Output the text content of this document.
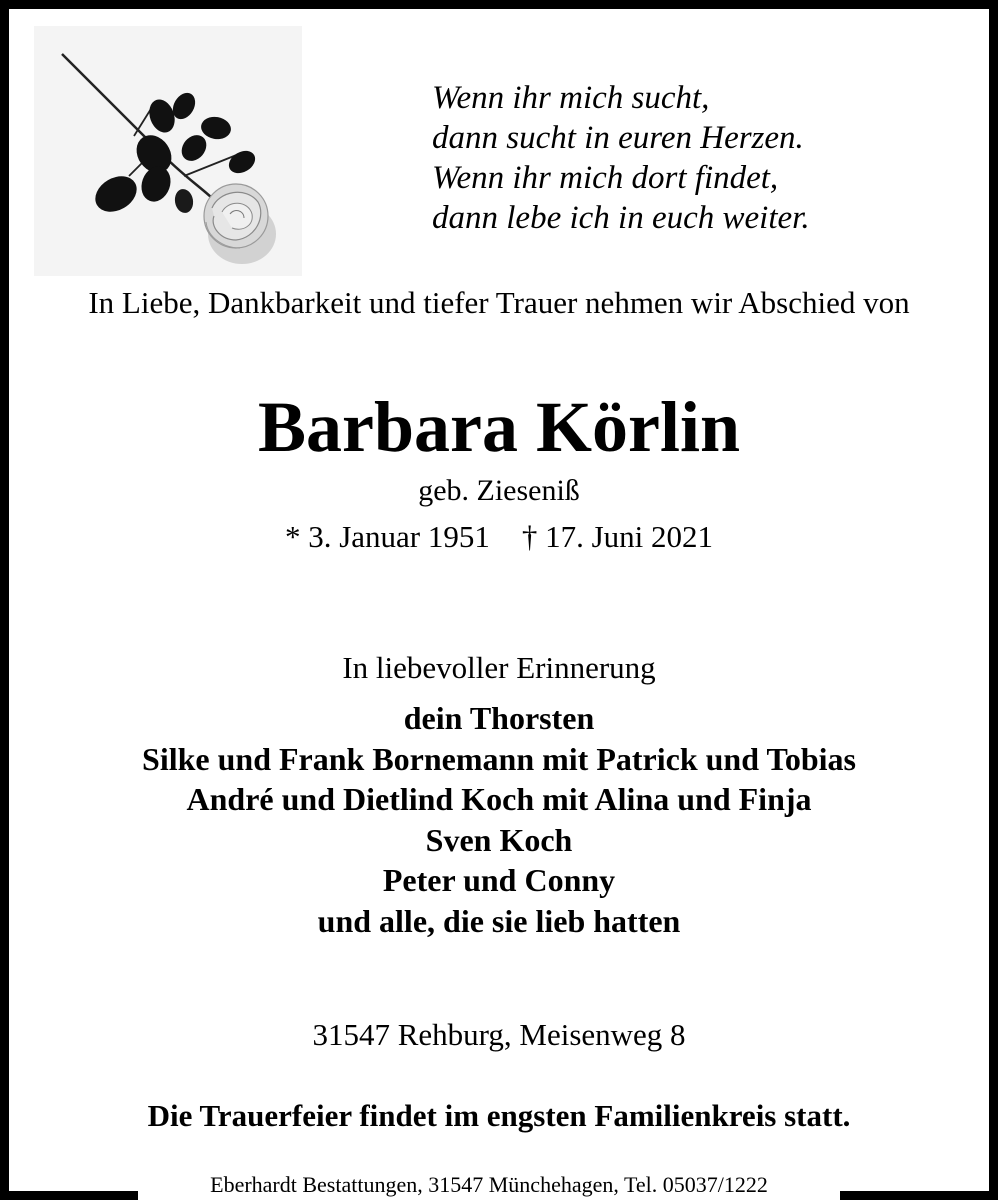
Wenn ihr mich sucht,
dann sucht in euren Herzen.
Wenn ihr mich dort findet,
dann lebe ich in euch weiter.
In Liebe, Dankbarkeit und tiefer Trauer nehmen wir Abschied von
Barbara Körlin
geb. Zieseniß
* 3. Januar 1951 † 17. Juni 2021
In liebevoller Erinnerung
dein Thorsten
Silke und Frank Bornemann mit Patrick und Tobias
André und Dietlind Koch mit Alina und Finja
Sven Koch
Peter und Conny
und alle, die sie lieb hatten
31547 Rehburg, Meisenweg 8
Die Trauerfeier findet im engsten Familienkreis statt.
Eberhardt Bestattungen, 31547 Münchehagen, Tel. 05037/1222
